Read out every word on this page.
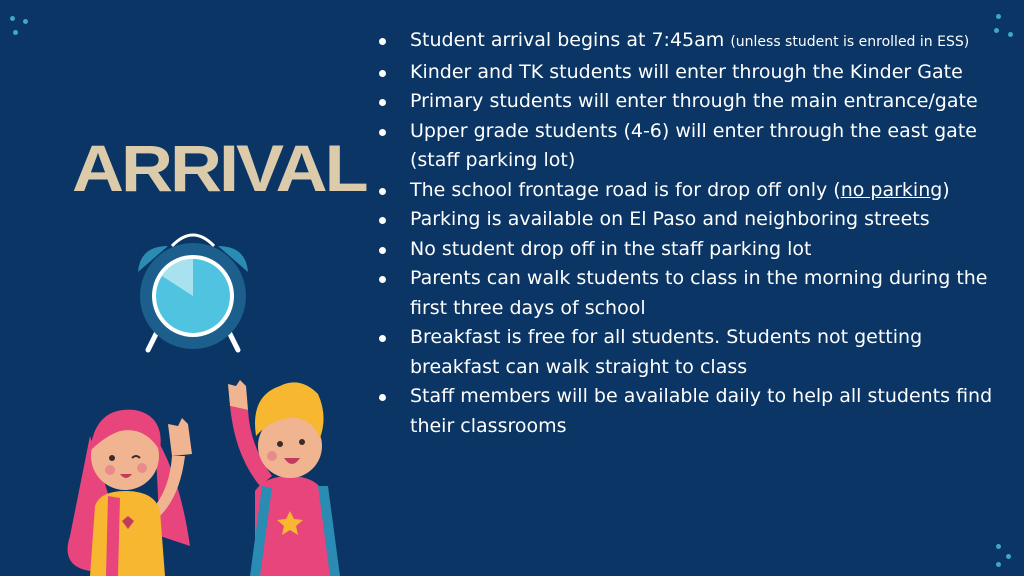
ARRIVAL
Student arrival begins at 7:45am (unless student is enrolled in ESS)
Kinder and TK students will enter through the Kinder Gate
Primary students will enter through the main entrance/gate
Upper grade students (4-6) will enter through the east gate (staff parking lot)
The school frontage road is for drop off only (no parking)
Parking is available on El Paso and neighboring streets
No student drop off in the staff parking lot
Parents can walk students to class in the morning during the first three days of school
Breakfast is free for all students. Students not getting breakfast can walk straight to class
Staff members will be available daily to help all students find their classrooms
